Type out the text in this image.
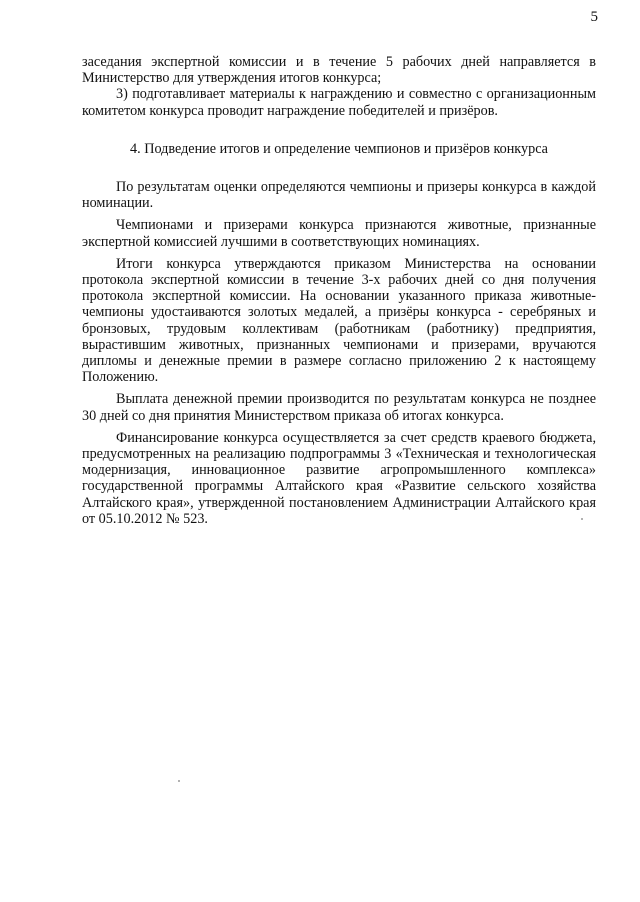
5

заседания экспертной комиссии и в течение 5 рабочих дней направляется в Министерство для утверждения итогов конкурса;

3) подготавливает материалы к награждению и совместно с организационным комитетом конкурса проводит награждение победителей и призёров.

4. Подведение итогов и определение чемпионов и призёров конкурса

По результатам оценки определяются чемпионы и призеры конкурса в каждой номинации.

Чемпионами и призерами конкурса признаются животные, признанные экспертной комиссией лучшими в соответствующих номинациях.

Итоги конкурса утверждаются приказом Министерства на основании протокола экспертной комиссии в течение 3-х рабочих дней со дня получения протокола экспертной комиссии. На основании указанного приказа животные-чемпионы удостаиваются золотых медалей, а призёры конкурса - серебряных и бронзовых, трудовым коллективам (работникам (работнику) предприятия, вырастившим животных, признанных чемпионами и призерами, вручаются дипломы и денежные премии в размере согласно приложению 2 к настоящему Положению.

Выплата денежной премии производится по результатам конкурса не позднее 30 дней со дня принятия Министерством приказа об итогах конкурса.

Финансирование конкурса осуществляется за счет средств краевого бюджета, предусмотренных на реализацию подпрограммы 3 «Техническая и технологическая модернизация, инновационное развитие агропромышленного комплекса» государственной программы Алтайского края «Развитие сельского хозяйства Алтайского края», утвержденной постановлением Администрации Алтайского края от 05.10.2012 № 523.
